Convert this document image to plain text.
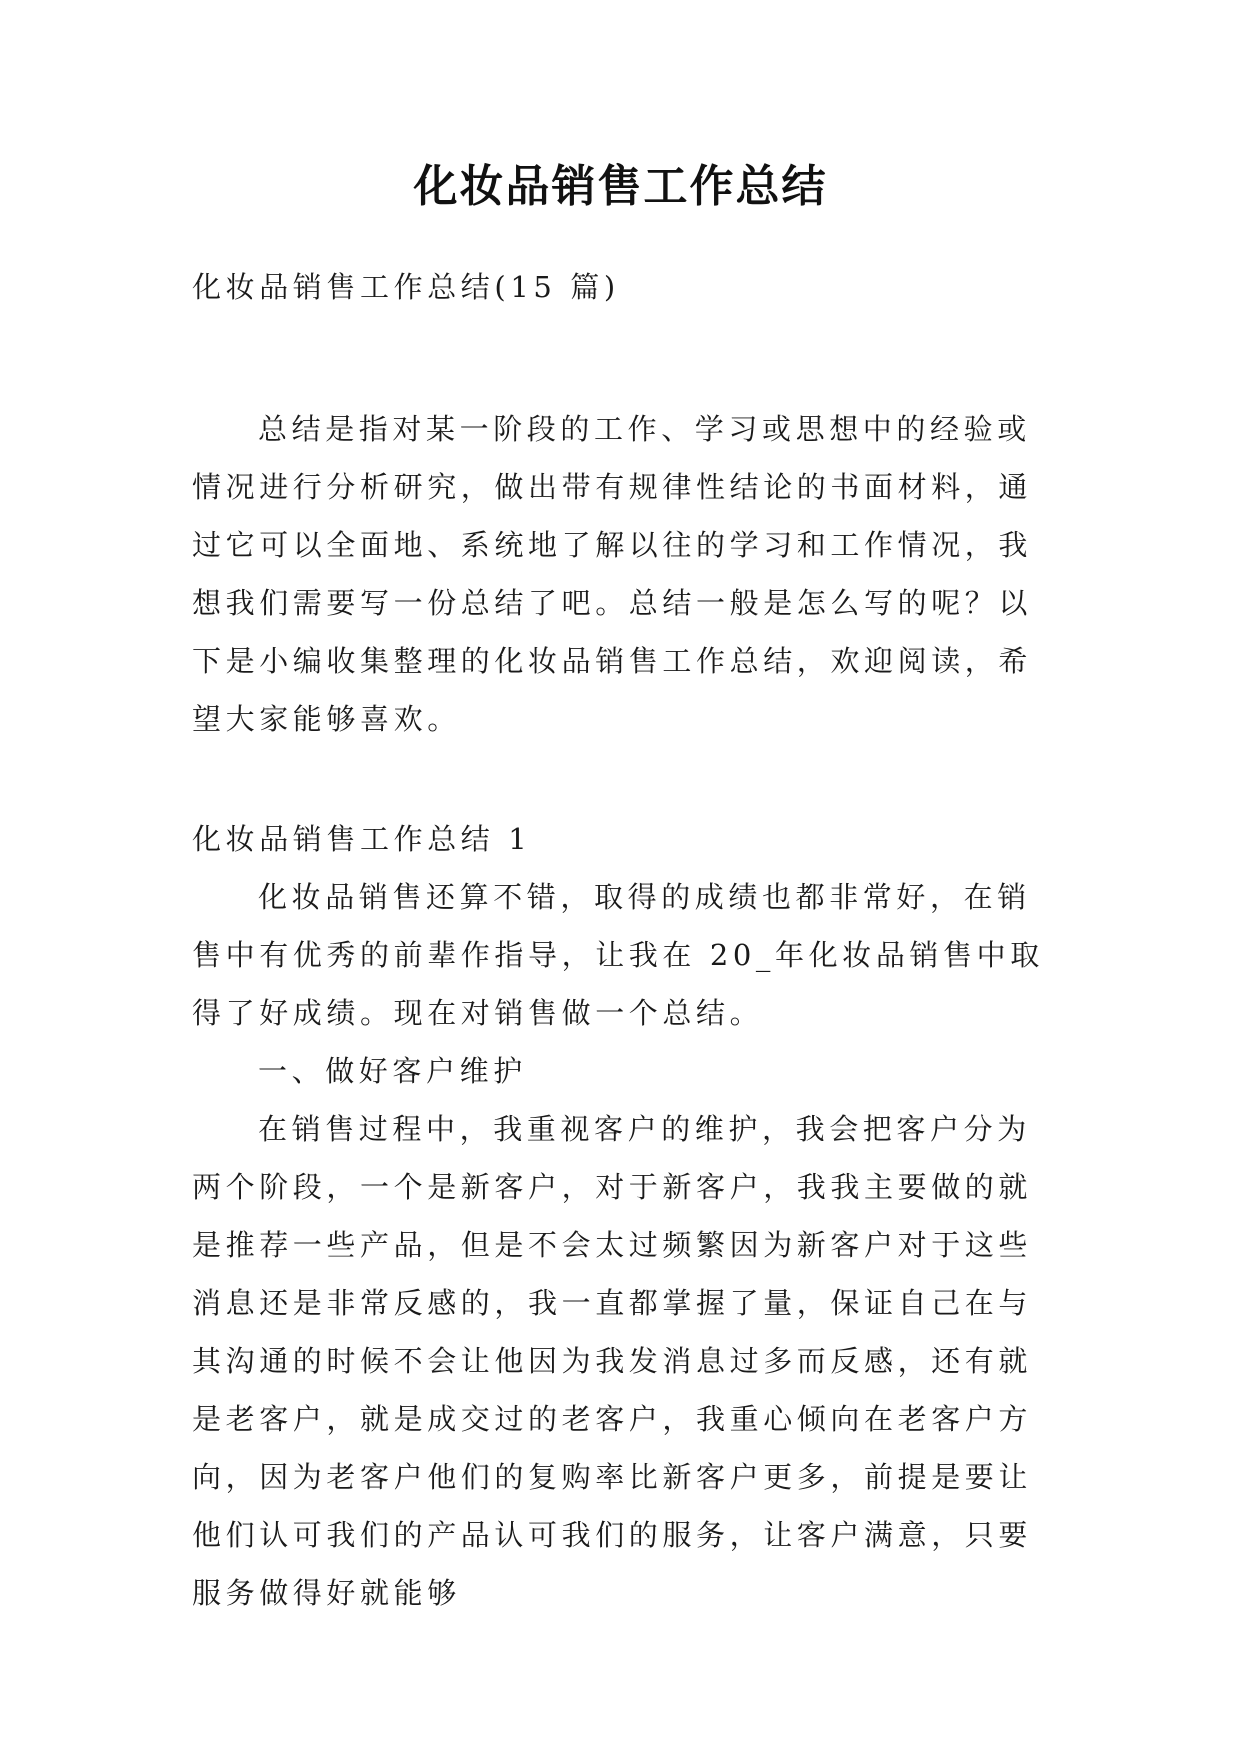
化妆品销售工作总结

化妆品销售工作总结(15 篇)

总结是指对某一阶段的工作、学习或思想中的经验或情况进行分析研究，做出带有规律性结论的书面材料，通过它可以全面地、系统地了解以往的学习和工作情况，我想我们需要写一份总结了吧。总结一般是怎么写的呢？以下是小编收集整理的化妆品销售工作总结，欢迎阅读，希望大家能够喜欢。

化妆品销售工作总结 1

化妆品销售还算不错，取得的成绩也都非常好，在销售中有优秀的前辈作指导，让我在 20_年化妆品销售中取得了好成绩。现在对销售做一个总结。

一、做好客户维护

在销售过程中，我重视客户的维护，我会把客户分为两个阶段，一个是新客户，对于新客户，我我主要做的就是推荐一些产品，但是不会太过频繁因为新客户对于这些消息还是非常反感的，我一直都掌握了量，保证自己在与其沟通的时候不会让他因为我发消息过多而反感，还有就是老客户，就是成交过的老客户，我重心倾向在老客户方向，因为老客户他们的复购率比新客户更多，前提是要让他们认可我们的产品认可我们的服务，让客户满意，只要服务做得好就能够
